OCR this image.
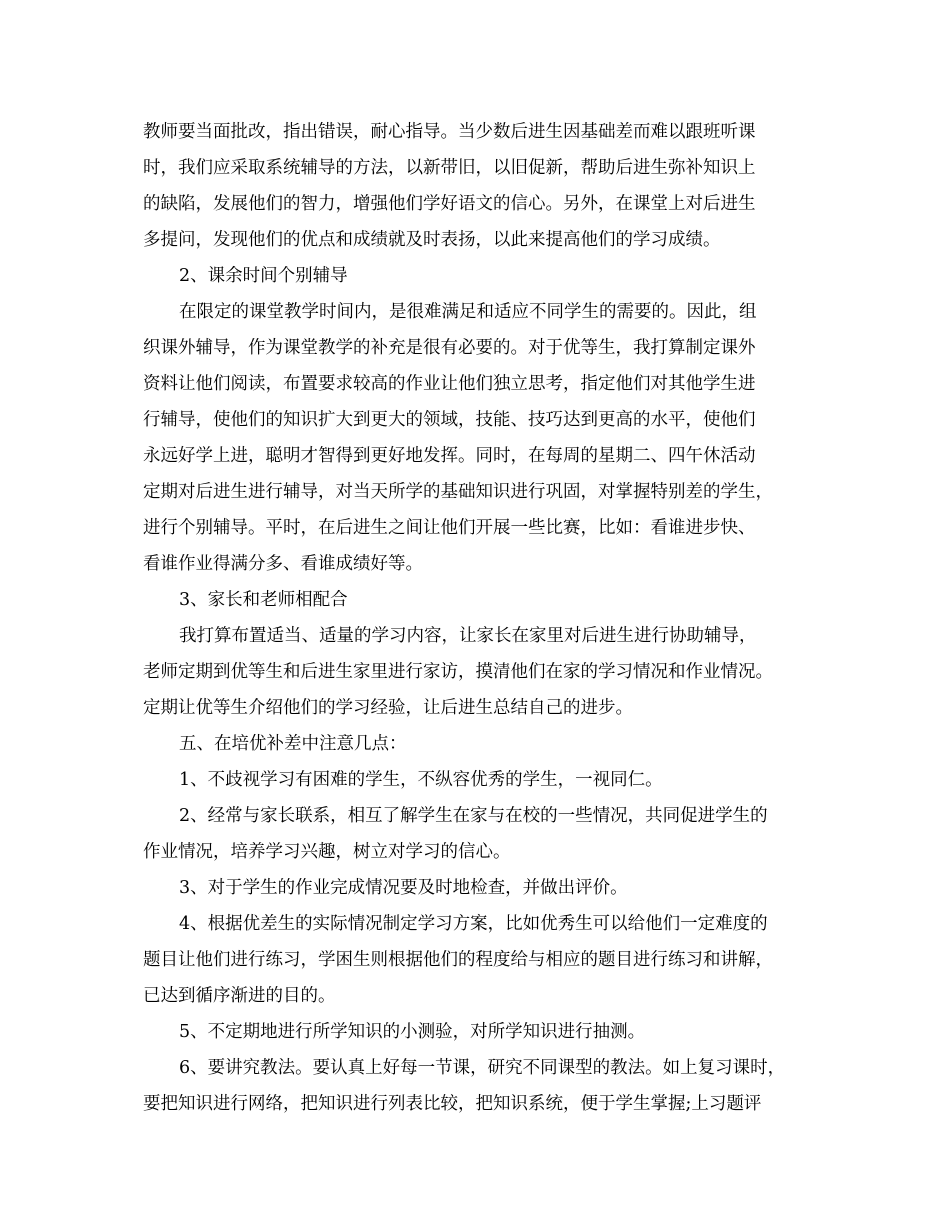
教师要当面批改，指出错误，耐心指导。当少数后进生因基础差而难以跟班听课
时，我们应采取系统辅导的方法，以新带旧，以旧促新，帮助后进生弥补知识上
的缺陷，发展他们的智力，增强他们学好语文的信心。另外，在课堂上对后进生
多提问，发现他们的优点和成绩就及时表扬，以此来提高他们的学习成绩。
2、课余时间个别辅导
在限定的课堂教学时间内，是很难满足和适应不同学生的需要的。因此，组
织课外辅导，作为课堂教学的补充是很有必要的。对于优等生，我打算制定课外
资料让他们阅读，布置要求较高的作业让他们独立思考，指定他们对其他学生进
行辅导，使他们的知识扩大到更大的领域，技能、技巧达到更高的水平，使他们
永远好学上进，聪明才智得到更好地发挥。同时，在每周的星期二、四午休活动
定期对后进生进行辅导，对当天所学的基础知识进行巩固，对掌握特别差的学生，
进行个别辅导。平时，在后进生之间让他们开展一些比赛，比如：看谁进步快、
看谁作业得满分多、看谁成绩好等。
3、家长和老师相配合
我打算布置适当、适量的学习内容，让家长在家里对后进生进行协助辅导，
老师定期到优等生和后进生家里进行家访，摸清他们在家的学习情况和作业情况。
定期让优等生介绍他们的学习经验，让后进生总结自己的进步。
五、在培优补差中注意几点：
1、不歧视学习有困难的学生，不纵容优秀的学生，一视同仁。
2、经常与家长联系，相互了解学生在家与在校的一些情况，共同促进学生的
作业情况，培养学习兴趣，树立对学习的信心。
3、对于学生的作业完成情况要及时地检查，并做出评价。
4、根据优差生的实际情况制定学习方案，比如优秀生可以给他们一定难度的
题目让他们进行练习，学困生则根据他们的程度给与相应的题目进行练习和讲解，
已达到循序渐进的目的。
5、不定期地进行所学知识的小测验，对所学知识进行抽测。
6、要讲究教法。要认真上好每一节课，研究不同课型的教法。如上复习课时，
要把知识进行网络，把知识进行列表比较，把知识系统，便于学生掌握;上习题评
